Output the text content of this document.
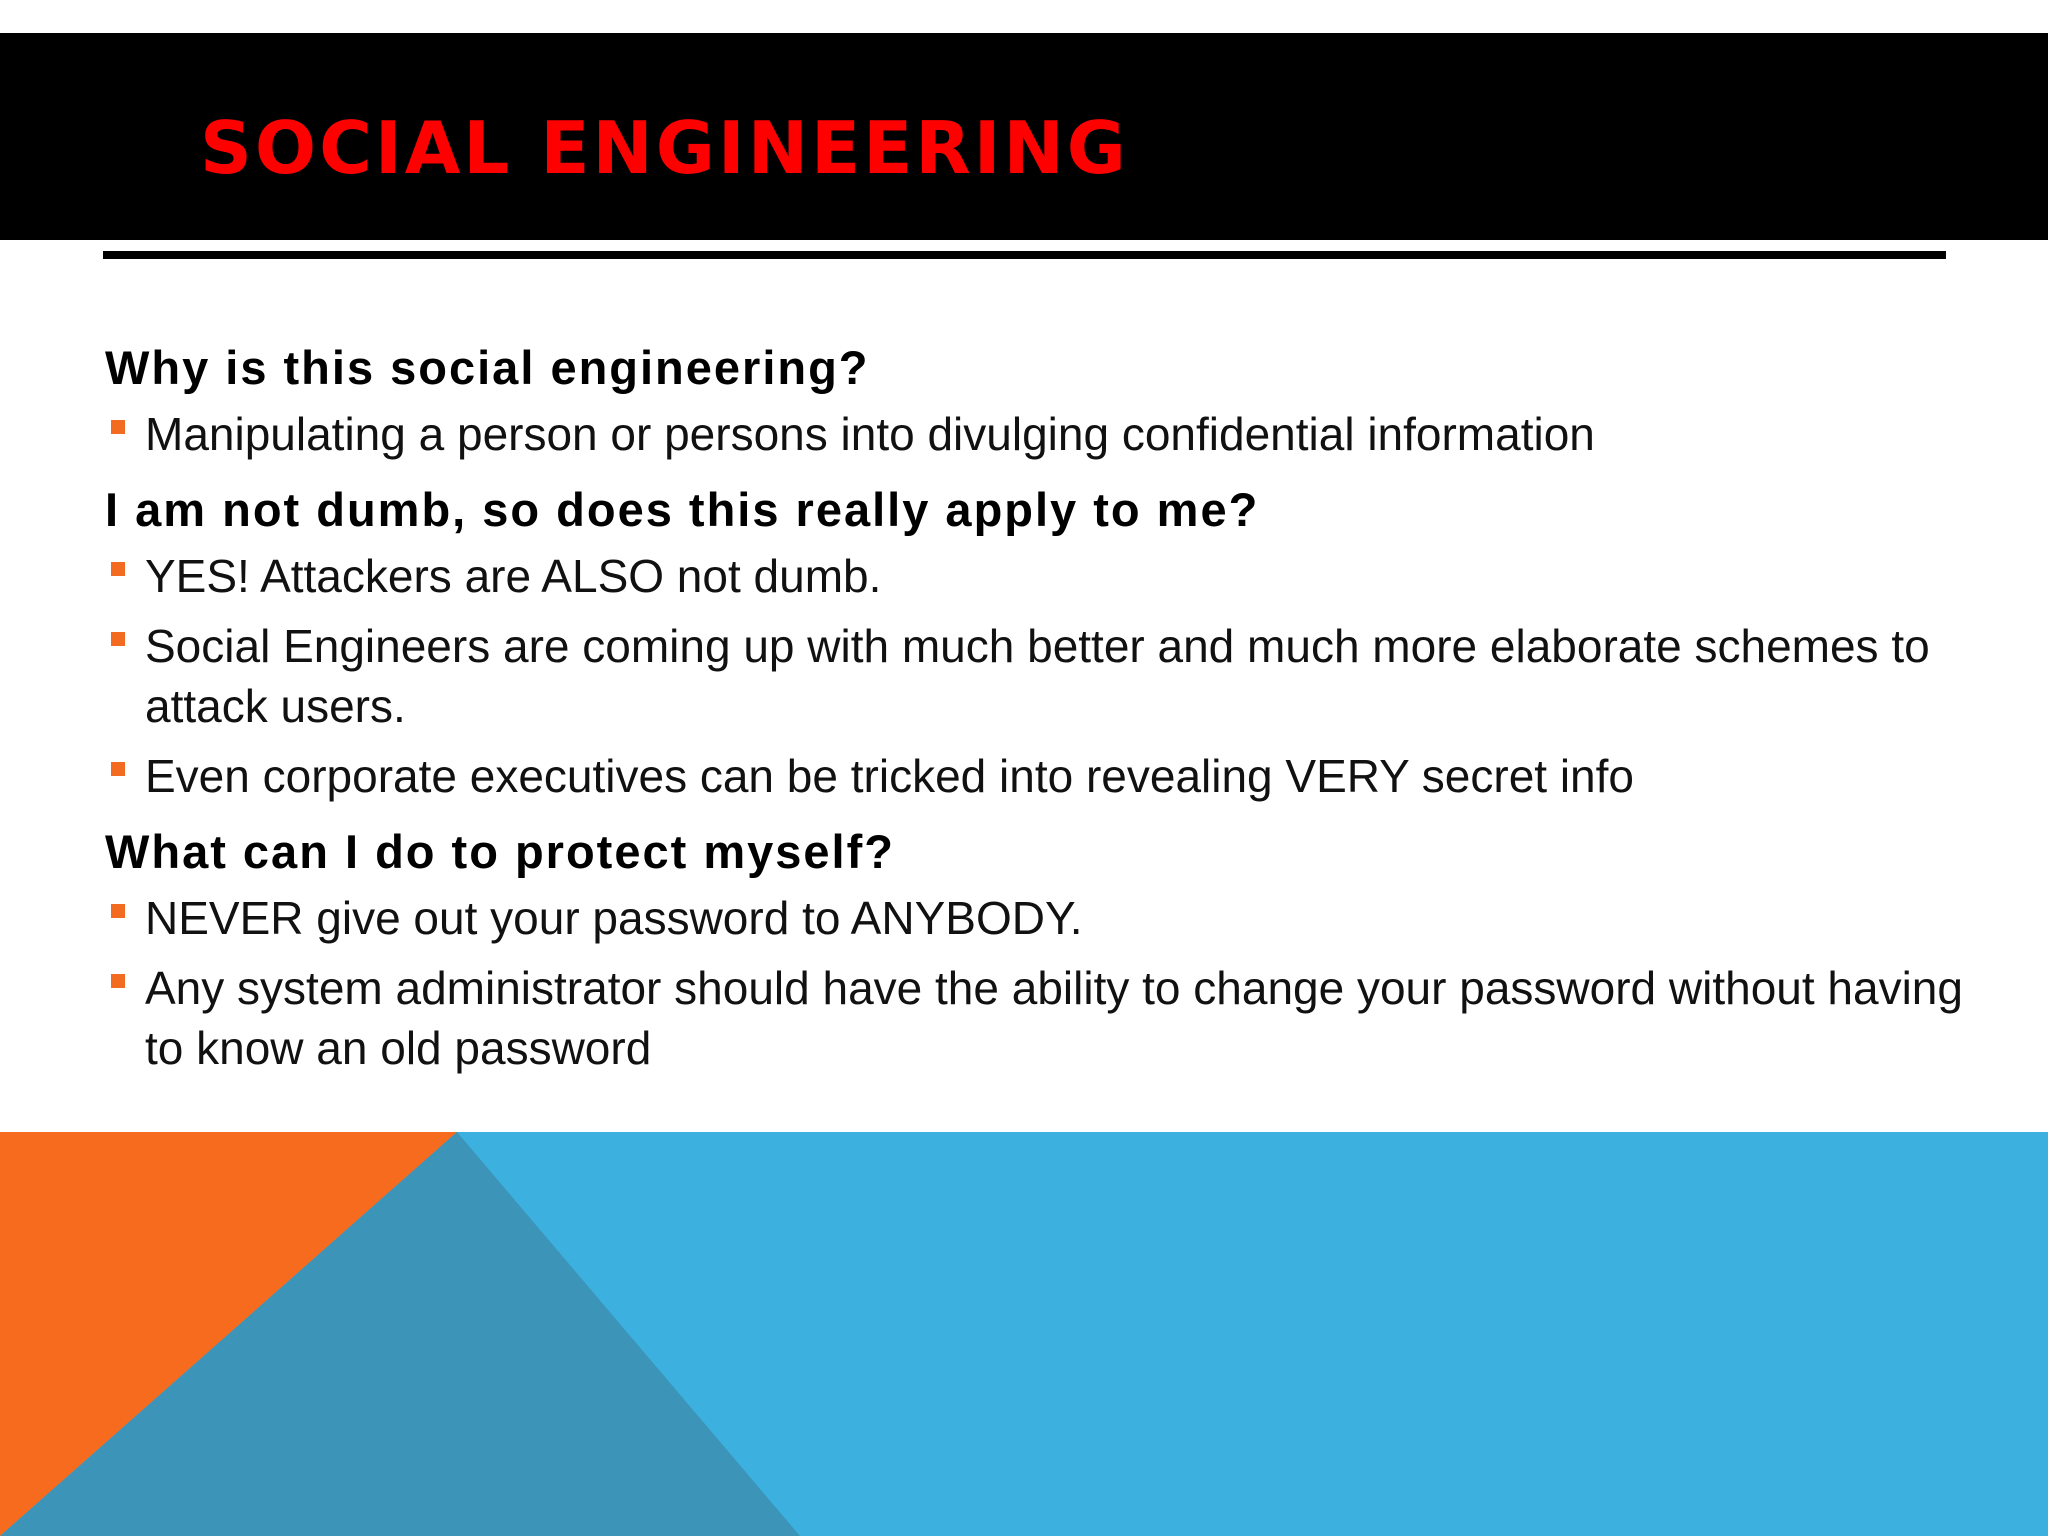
SOCIAL ENGINEERING
Why is this social engineering?
Manipulating a person or persons into divulging confidential information
I am not dumb, so does this really apply to me?
YES! Attackers are ALSO not dumb.
Social Engineers are coming up with much better and much more elaborate schemes to attack users.
Even corporate executives can be tricked into revealing VERY secret info
What can I do to protect myself?
NEVER give out your password to ANYBODY.
Any system administrator should have the ability to change your password without having to know an old password
